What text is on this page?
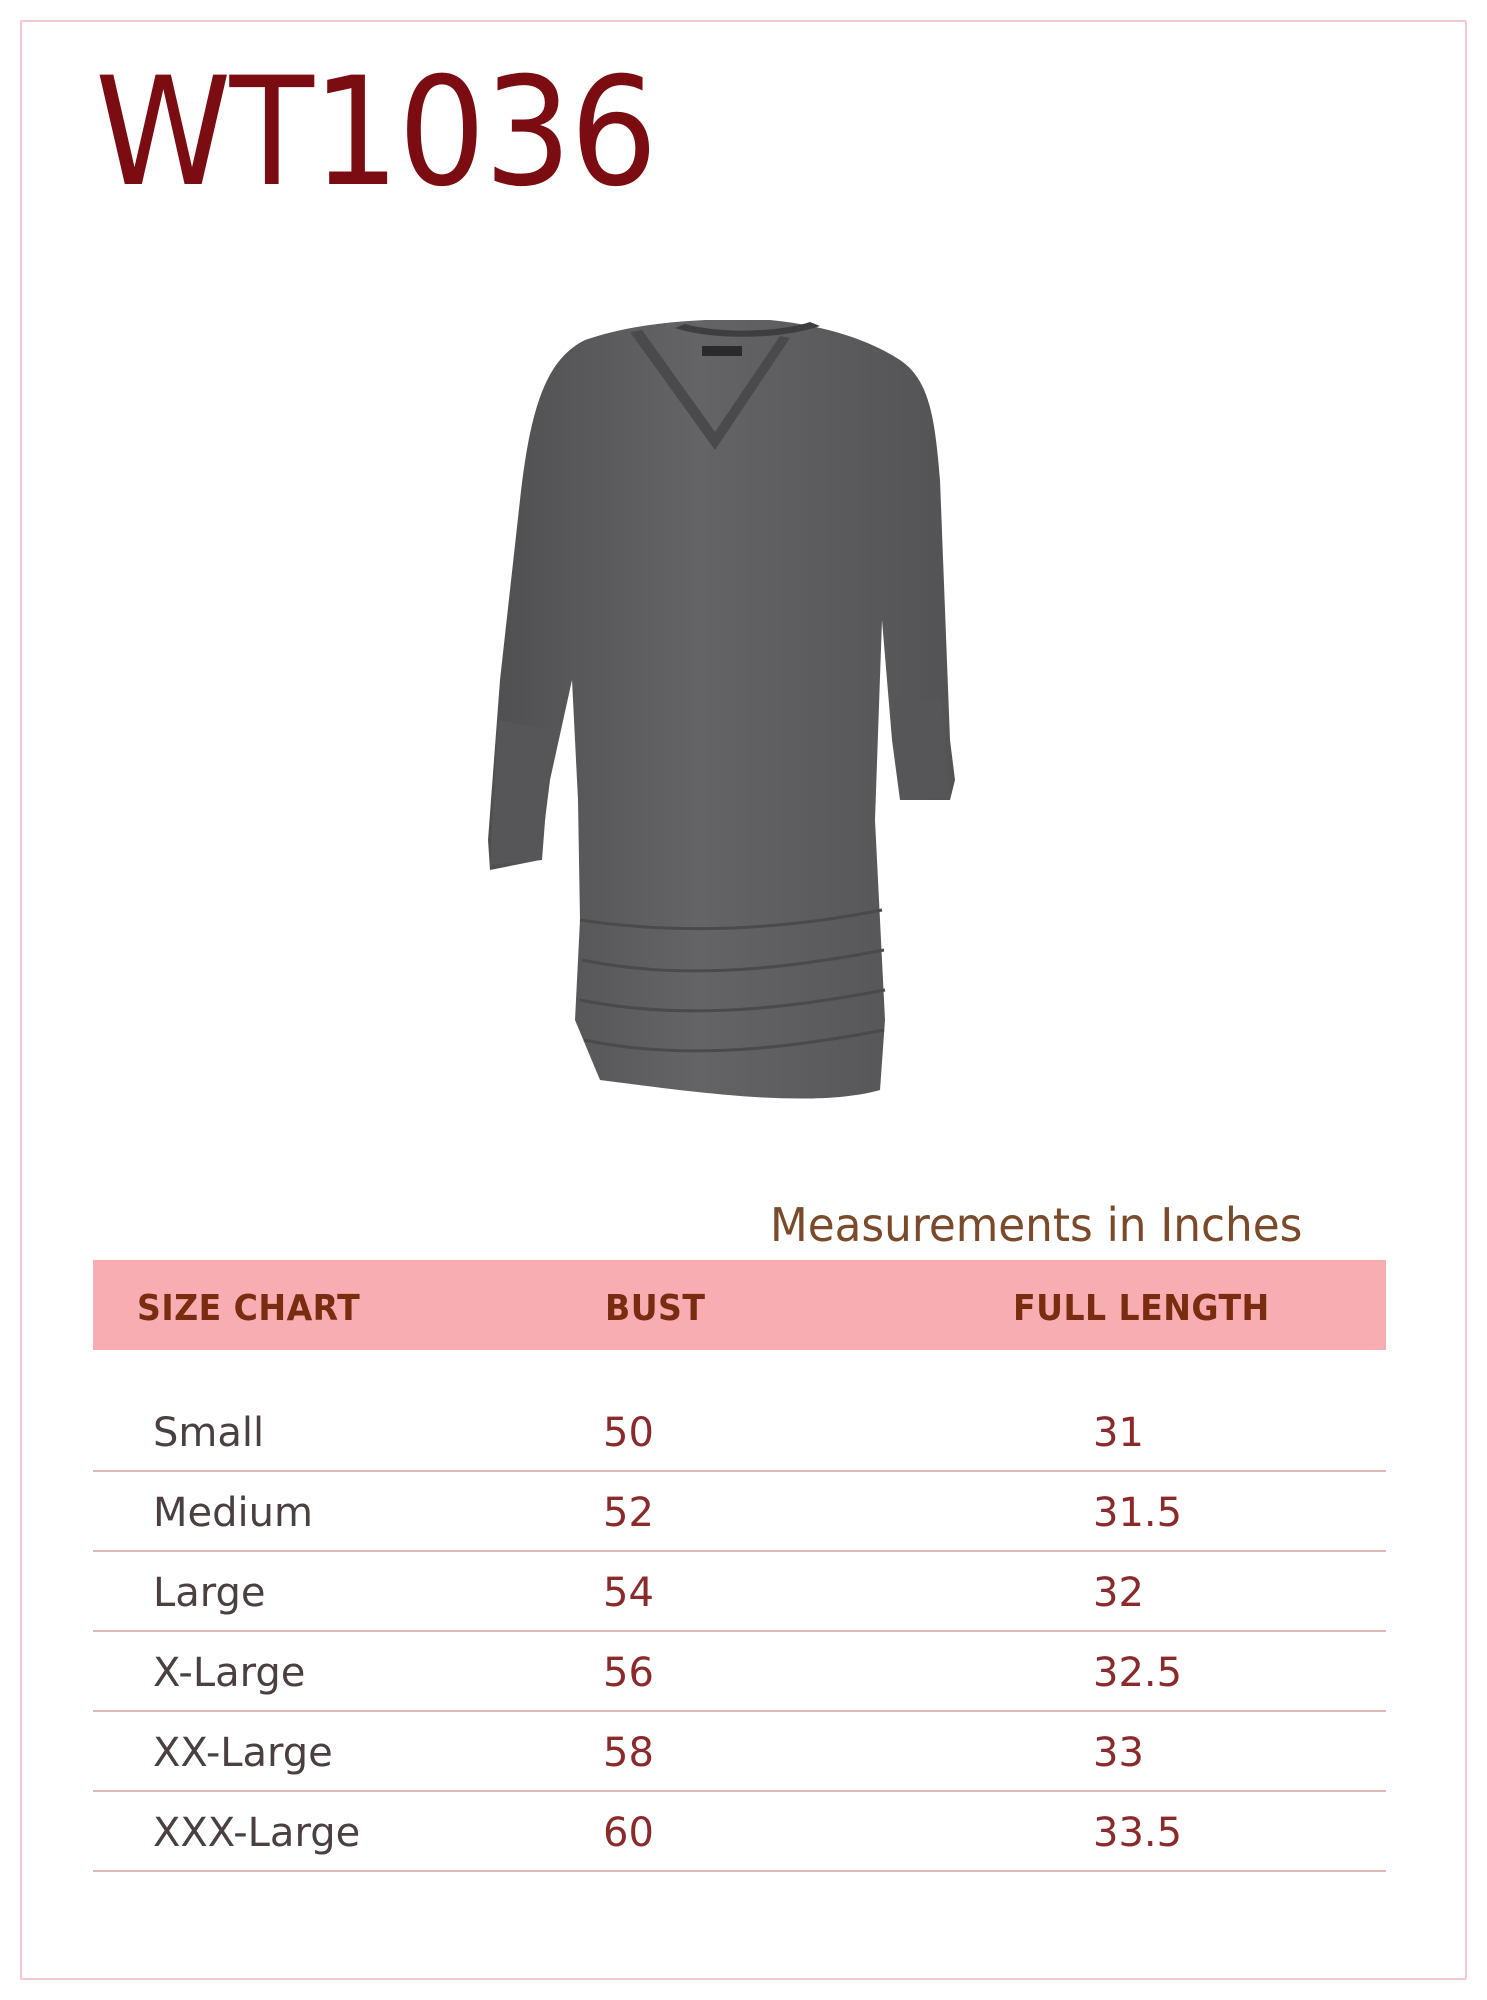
WT1036
Measurements in Inches
SIZE CHART	BUST	FULL LENGTH
Small	50	31
Medium	52	31.5
Large	54	32
X-Large	56	32.5
XX-Large	58	33
XXX-Large	60	33.5
